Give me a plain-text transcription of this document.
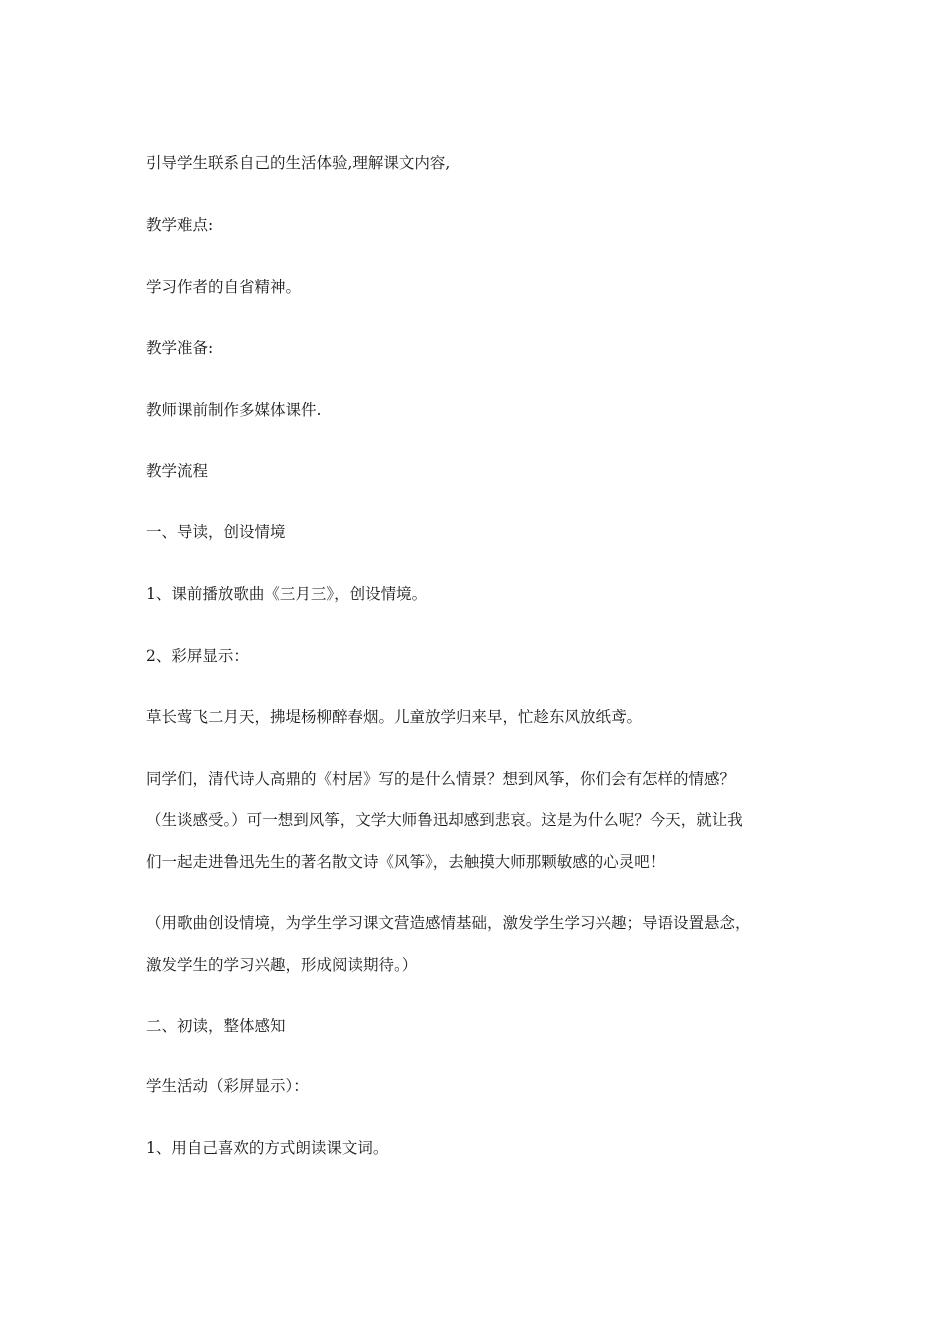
引导学生联系自己的生活体验,理解课文内容,
教学难点:
学习作者的自省精神。
教学准备:
教师课前制作多媒体课件.
教学流程
一、导读，创设情境
1、课前播放歌曲《三月三》，创设情境。
2、彩屏显示：
草长莺飞二月天，拂堤杨柳醉春烟。儿童放学归来早，忙趁东风放纸鸢。
同学们，清代诗人高鼎的《村居》写的是什么情景？想到风筝，你们会有怎样的情感？
（生谈感受。）可一想到风筝，文学大师鲁迅却感到悲哀。这是为什么呢？今天，就让我
们一起走进鲁迅先生的著名散文诗《风筝》，去触摸大师那颗敏感的心灵吧！
（用歌曲创设情境，为学生学习课文营造感情基础，激发学生学习兴趣；导语设置悬念，
激发学生的学习兴趣，形成阅读期待。）
二、初读，整体感知
学生活动（彩屏显示）：
1、用自己喜欢的方式朗读课文词。
